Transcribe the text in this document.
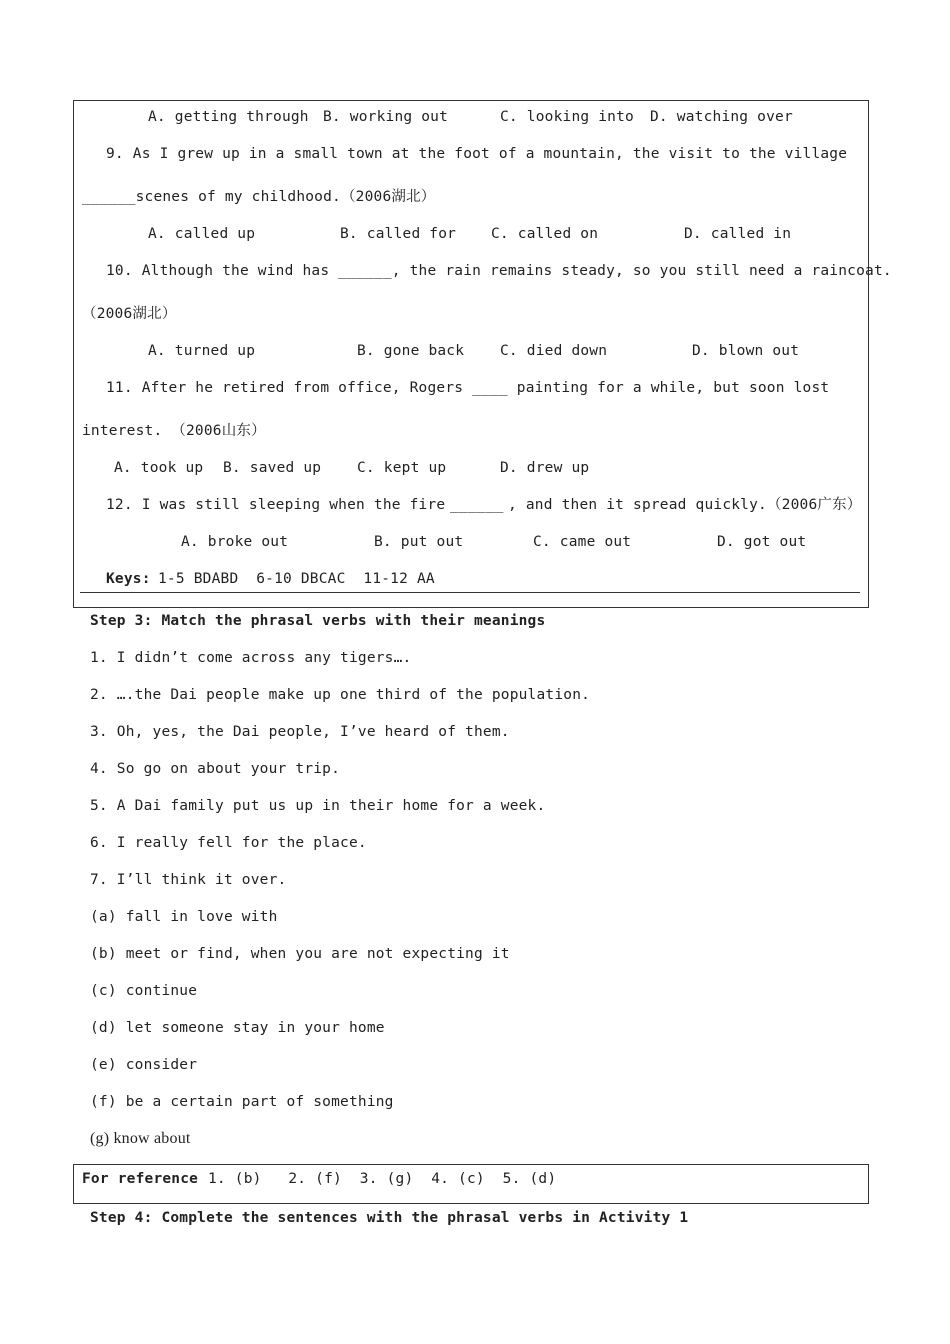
A. getting through B. working out	C. looking into D. watching over
9. As I grew up in a small town at the foot of a mountain, the visit to the village
______scenes of my childhood.（2006湖北）
A. called up	B. called for C. called on	D. called in
10. Although the wind has ______, the rain remains steady, so you still need a raincoat.
（2006湖北）
A. turned up	B. gone back C. died down	D. blown out
11. After he retired from office, Rogers ____ painting for a while, but soon lost
interest. （2006山东）
A. took up B. saved up C. kept up	D. drew up
12. I was still sleeping when the fire ______ , and then it spread quickly.（2006广东）
A. broke out	B. put out	C. came out	D. got out
Keys: 1-5 BDABD  6-10 DBCAC  11-12 AA
Step 3: Match the phrasal verbs with their meanings
1. I didn’t come across any tigers….
2. ….the Dai people make up one third of the population.
3. Oh, yes, the Dai people, I’ve heard of them.
4. So go on about your trip.
5. A Dai family put us up in their home for a week.
6. I really fell for the place.
7. I’ll think it over.
(a) fall in love with
(b) meet or find, when you are not expecting it
(c) continue
(d) let someone stay in your home
(e) consider
(f) be a certain part of something
(g) know about
For reference 1. (b)   2. (f)  3. (g)  4. (c)  5. (d)
Step 4: Complete the sentences with the phrasal verbs in Activity 1
